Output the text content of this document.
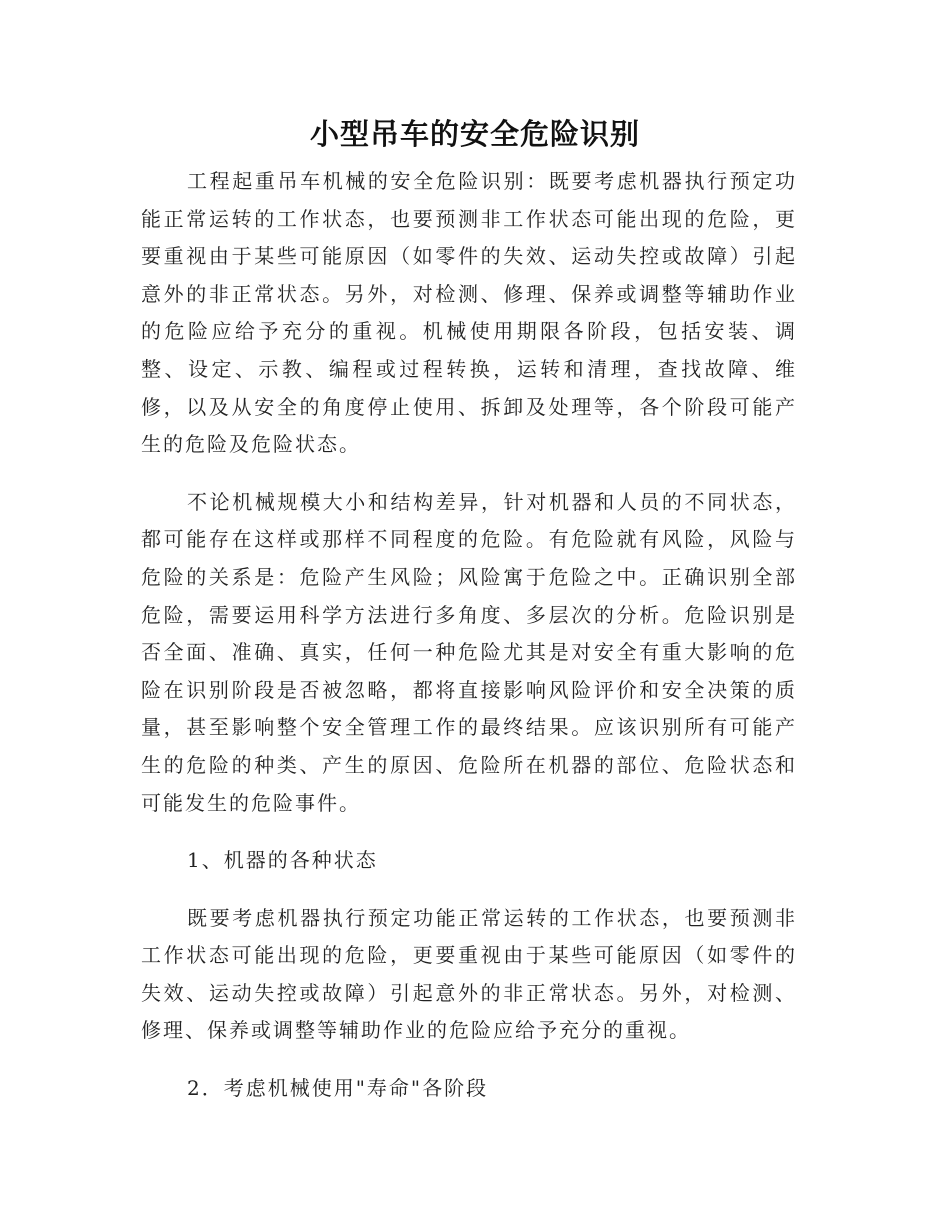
小型吊车的安全危险识别

工程起重吊车机械的安全危险识别：既要考虑机器执行预定功能正常运转的工作状态，也要预测非工作状态可能出现的危险，更要重视由于某些可能原因（如零件的失效、运动失控或故障）引起意外的非正常状态。另外，对检测、修理、保养或调整等辅助作业的危险应给予充分的重视。机械使用期限各阶段，包括安装、调整、设定、示教、编程或过程转换，运转和清理，查找故障、维修，以及从安全的角度停止使用、拆卸及处理等，各个阶段可能产生的危险及危险状态。

不论机械规模大小和结构差异，针对机器和人员的不同状态，都可能存在这样或那样不同程度的危险。有危险就有风险，风险与危险的关系是：危险产生风险；风险寓于危险之中。正确识别全部危险，需要运用科学方法进行多角度、多层次的分析。危险识别是否全面、准确、真实，任何一种危险尤其是对安全有重大影响的危险在识别阶段是否被忽略，都将直接影响风险评价和安全决策的质量，甚至影响整个安全管理工作的最终结果。应该识别所有可能产生的危险的种类、产生的原因、危险所在机器的部位、危险状态和可能发生的危险事件。

1、机器的各种状态

既要考虑机器执行预定功能正常运转的工作状态，也要预测非工作状态可能出现的危险，更要重视由于某些可能原因（如零件的失效、运动失控或故障）引起意外的非正常状态。另外，对检测、修理、保养或调整等辅助作业的危险应给予充分的重视。

2．考虑机械使用"寿命"各阶段
